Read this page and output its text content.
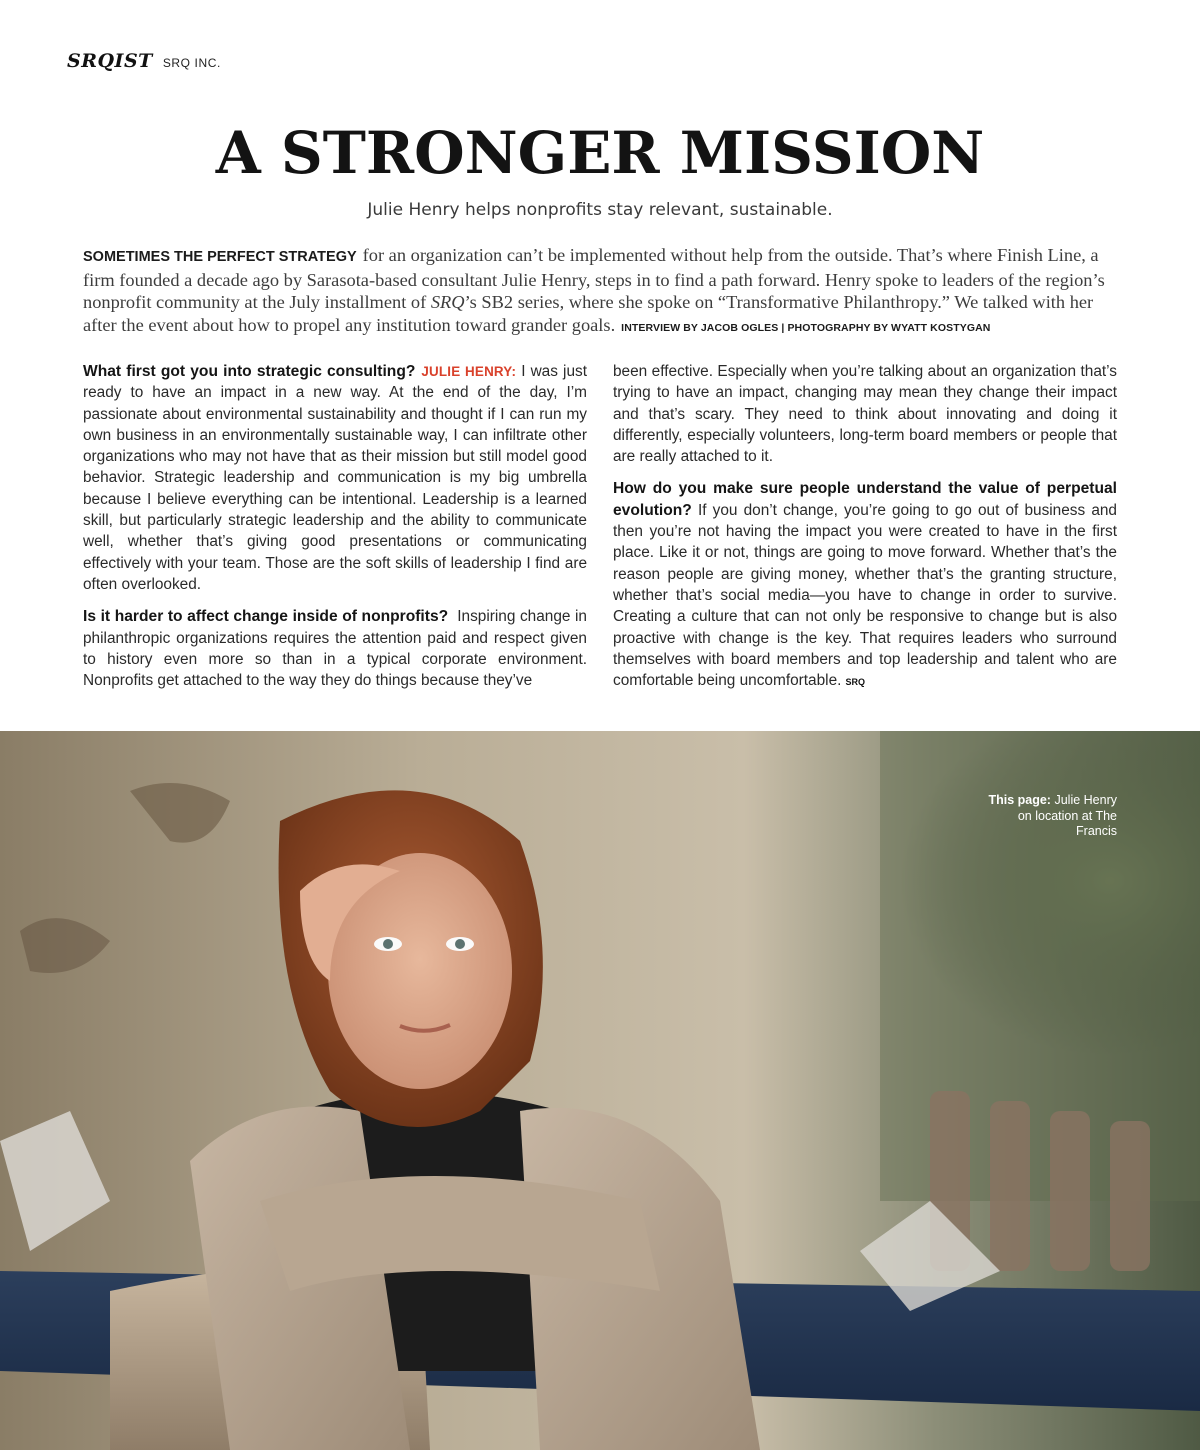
SRQIST SRQ INC.
A STRONGER MISSION
Julie Henry helps nonprofits stay relevant, sustainable.
SOMETIMES THE PERFECT STRATEGY for an organization can’t be implemented without help from the outside. That’s where Finish Line, a firm founded a decade ago by Sarasota-based consultant Julie Henry, steps in to find a path forward. Henry spoke to leaders of the region’s nonprofit community at the July installment of SRQ’s SB2 series, where she spoke on “Transformative Philanthropy.” We talked with her after the event about how to propel any institution toward grander goals. INTERVIEW BY JACOB OGLES | PHOTOGRAPHY BY WYATT KOSTYGAN

What first got you into strategic consulting? JULIE HENRY: I was just ready to have an impact in a new way. At the end of the day, I’m passionate about environmental sustainability and thought if I can run my own business in an environmentally sustainable way, I can infiltrate other organizations who may not have that as their mission but still model good behavior. Strategic leadership and communication is my big umbrella because I believe everything can be intentional. Leadership is a learned skill, but particularly strategic leadership and the ability to communicate well, whether that’s giving good presentations or communicating effectively with your team. Those are the soft skills of leadership I find are often overlooked.

Is it harder to affect change inside of nonprofits? Inspiring change in philanthropic organizations requires the attention paid and respect given to history even more so than in a typical corporate environment. Nonprofits get attached to the way they do things because they’ve

been effective. Especially when you’re talking about an organization that’s trying to have an impact, changing may mean they change their impact and that’s scary. They need to think about innovating and doing it differently, especially volunteers, long-term board members or people that are really attached to it.

How do you make sure people understand the value of perpetual evolution? If you don’t change, you’re going to go out of business and then you’re not having the impact you were created to have in the first place. Like it or not, things are going to move forward. Whether that’s the reason people are giving money, whether that’s the granting structure, whether that’s social media—you have to change in order to survive. Creating a culture that can not only be responsive to change but is also proactive with change is the key. That requires leaders who surround themselves with board members and top leadership and talent who are comfortable being uncomfortable. SRQ

This page: Julie Henry on location at The Francis
